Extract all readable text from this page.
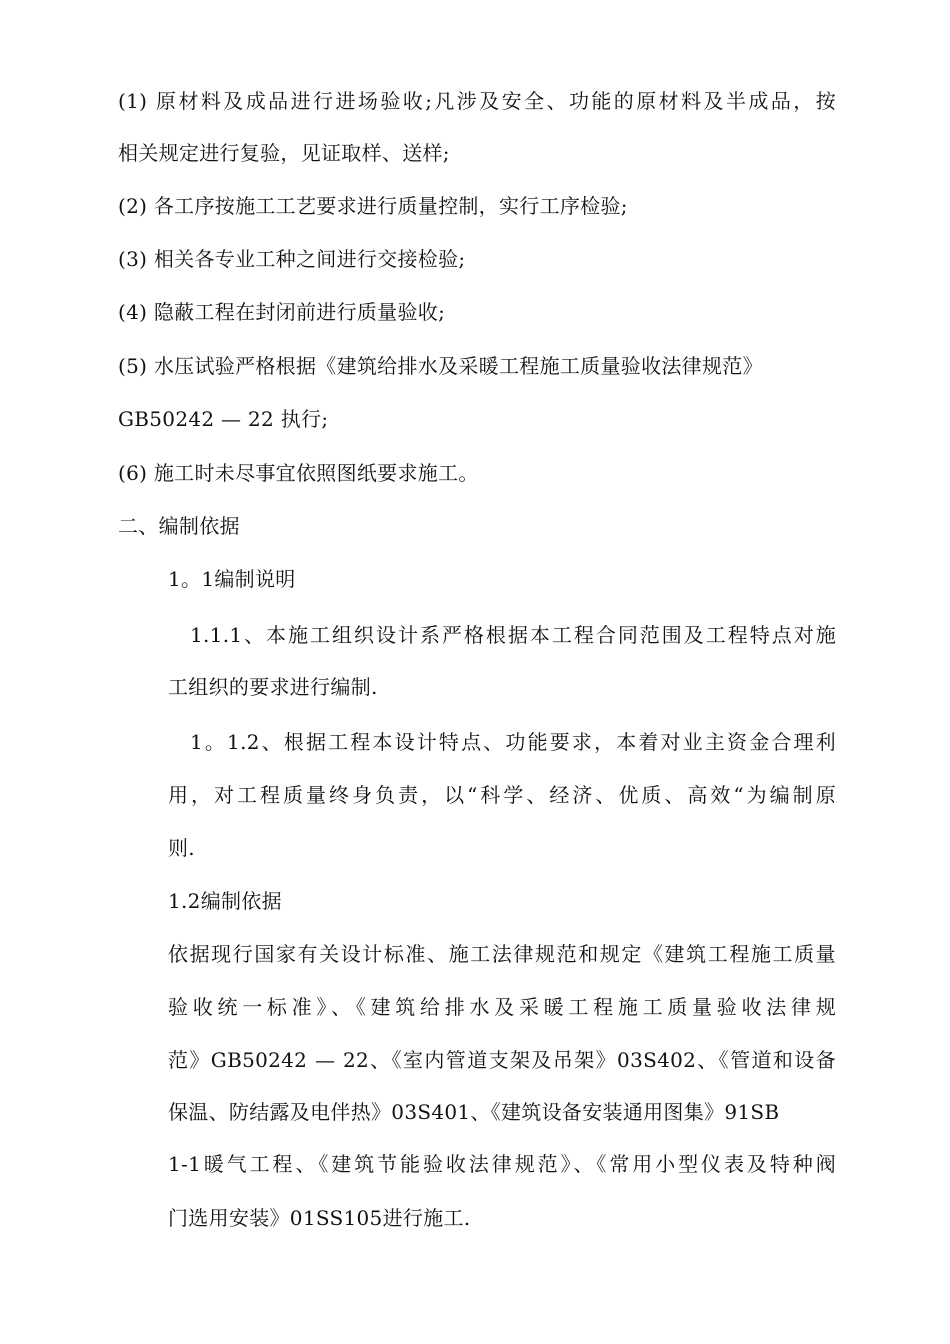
(1) 原材料及成品进行进场验收;凡涉及安全、功能的原材料及半成品，按
相关规定进行复验，见证取样、送样;
(2) 各工序按施工工艺要求进行质量控制，实行工序检验;
(3) 相关各专业工种之间进行交接检验;
(4) 隐蔽工程在封闭前进行质量验收;
(5) 水压试验严格根据《建筑给排水及采暖工程施工质量验收法律规范》
GB50242 — 22 执行;
(6) 施工时未尽事宜依照图纸要求施工。
二、编制依据
1。1编制说明
1.1.1、本施工组织设计系严格根据本工程合同范围及工程特点对施
工组织的要求进行编制.
1。1.2、根据工程本设计特点、功能要求，本着对业主资金合理利
用，对工程质量终身负责，以“科学、经济、优质、高效“为编制原
则.
1.2编制依据
依据现行国家有关设计标准、施工法律规范和规定《建筑工程施工质量
验收统一标准》、《建筑给排水及采暖工程施工质量验收法律规
范》GB50242 — 22、《室内管道支架及吊架》03S402、《管道和设备
保温、防结露及电伴热》03S401、《建筑设备安装通用图集》91SB
1-1暖气工程、《建筑节能验收法律规范》、《常用小型仪表及特种阀
门选用安装》01SS105进行施工.
